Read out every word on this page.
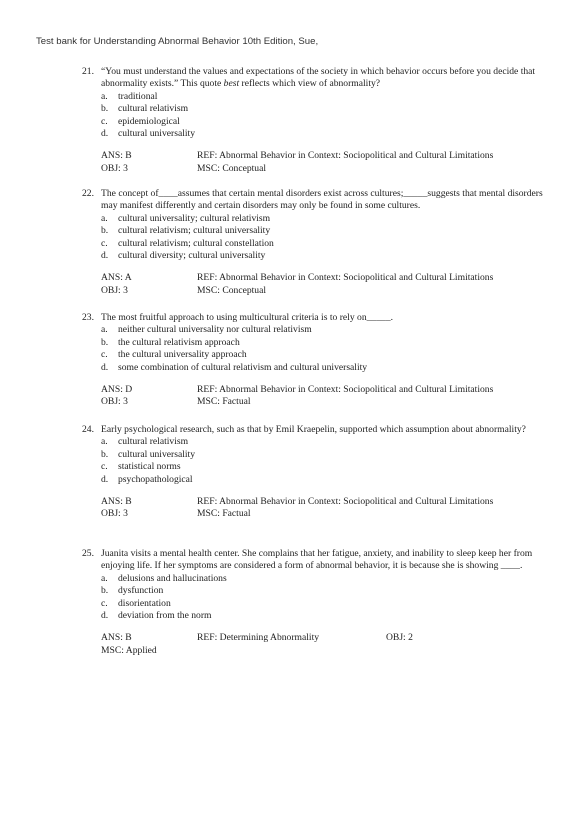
Test bank for Understanding Abnormal Behavior 10th Edition, Sue,
21. “You must understand the values and expectations of the society in which behavior occurs before you decide that abnormality exists.” This quote best reflects which view of abnormality?
a. traditional
b. cultural relativism
c. epidemiological
d. cultural universality
ANS: B	REF: Abnormal Behavior in Context: Sociopolitical and Cultural Limitations
OBJ: 3	MSC: Conceptual
22. The concept of____assumes that certain mental disorders exist across cultures;_____suggests that mental disorders may manifest differently and certain disorders may only be found in some cultures.
a. cultural universality; cultural relativism
b. cultural relativism; cultural universality
c. cultural relativism; cultural constellation
d. cultural diversity; cultural universality
ANS: A	REF: Abnormal Behavior in Context: Sociopolitical and Cultural Limitations
OBJ: 3	MSC: Conceptual
23. The most fruitful approach to using multicultural criteria is to rely on_____.
a. neither cultural universality nor cultural relativism
b. the cultural relativism approach
c. the cultural universality approach
d. some combination of cultural relativism and cultural universality
ANS: D	REF: Abnormal Behavior in Context: Sociopolitical and Cultural Limitations
OBJ: 3	MSC: Factual
24. Early psychological research, such as that by Emil Kraepelin, supported which assumption about abnormality?
a. cultural relativism
b. cultural universality
c. statistical norms
d. psychopathological
ANS: B	REF: Abnormal Behavior in Context: Sociopolitical and Cultural Limitations
OBJ: 3	MSC: Factual
25. Juanita visits a mental health center. She complains that her fatigue, anxiety, and inability to sleep keep her from enjoying life. If her symptoms are considered a form of abnormal behavior, it is because she is showing ____.
a. delusions and hallucinations
b. dysfunction
c. disorientation
d. deviation from the norm
ANS: B	REF: Determining Abnormality	OBJ: 2
MSC: Applied
